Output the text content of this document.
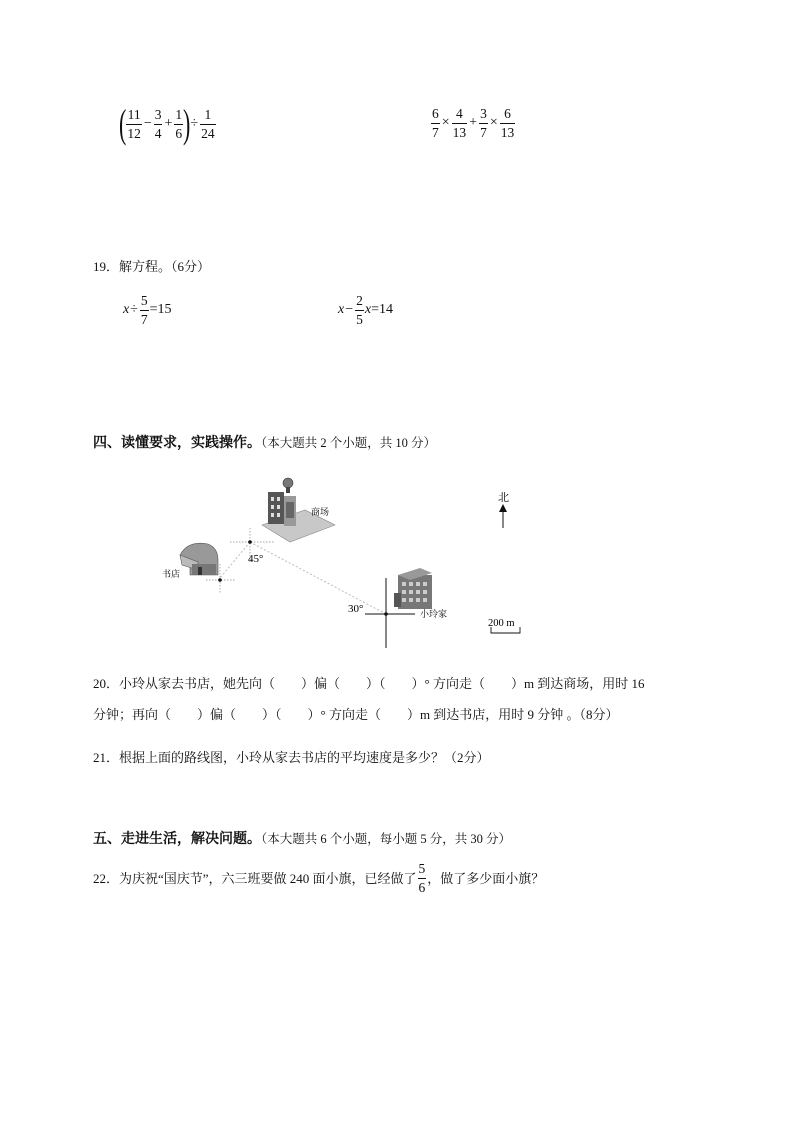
( $\frac{11}{12} - \frac{3}{4} + \frac{1}{6}$ ) ÷ $\frac{1}{24}$	$\frac{6}{7} \times \frac{4}{13} + \frac{3}{7} \times \frac{6}{13}$
19．解方程。（6分）
$x \div \frac{5}{7} =15$	$x - \frac{2}{5}$ x =14
四、读懂要求，实践操作。（本大题共 2 个小题，共 10 分）
商场
书店
小玲家
45°
30°
北
200 m
20．小玲从家去书店，她先向（　　）偏（　　）（　　）° 方向走（　　）m 到达商场，用时 16
分钟；再向（　　）偏（　　）（　　）° 方向走（　　）m 到达书店，用时 9 分钟 。（8分）
21．根据上面的路线图，小玲从家去书店的平均速度是多少？（2分）
五、走进生活，解决问题。（本大题共 6 个小题，每小题 5 分，共 30 分）
22．为庆祝“国庆节”，六三班要做 240 面小旗，已经做了 $\frac{5}{6}$ ，做了多少面小旗？
